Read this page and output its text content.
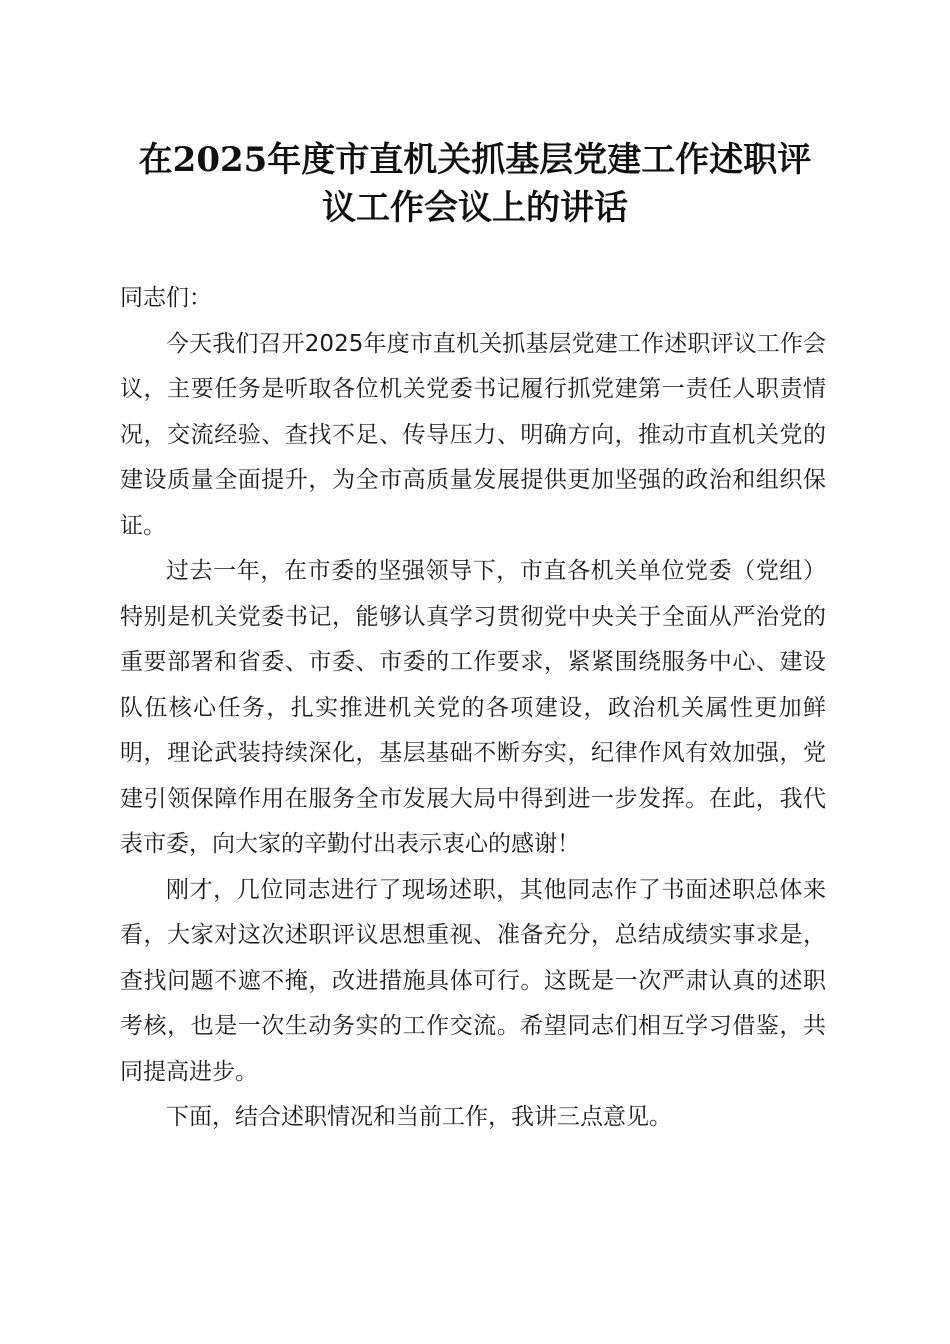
在2025年度市直机关抓基层党建工作述职评
议工作会议上的讲话

同志们：

今天我们召开2025年度市直机关抓基层党建工作述职评议工作会议，主要任务是听取各位机关党委书记履行抓党建第一责任人职责情况，交流经验、查找不足、传导压力、明确方向，推动市直机关党的建设质量全面提升，为全市高质量发展提供更加坚强的政治和组织保证。

过去一年，在市委的坚强领导下，市直各机关单位党委（党组）特别是机关党委书记，能够认真学习贯彻党中央关于全面从严治党的重要部署和省委、市委、市委的工作要求，紧紧围绕服务中心、建设队伍核心任务，扎实推进机关党的各项建设，政治机关属性更加鲜明，理论武装持续深化，基层基础不断夯实，纪律作风有效加强，党建引领保障作用在服务全市发展大局中得到进一步发挥。在此，我代表市委，向大家的辛勤付出表示衷心的感谢！

刚才，几位同志进行了现场述职，其他同志作了书面述职总体来看，大家对这次述职评议思想重视、准备充分，总结成绩实事求是，查找问题不遮不掩，改进措施具体可行。这既是一次严肃认真的述职考核，也是一次生动务实的工作交流。希望同志们相互学习借鉴，共同提高进步。

下面，结合述职情况和当前工作，我讲三点意见。
